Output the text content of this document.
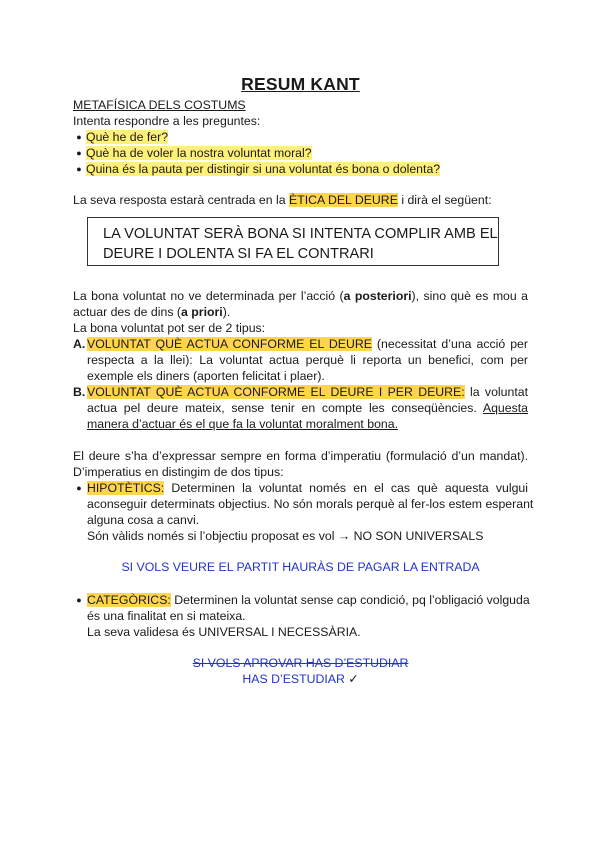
RESUM KANT
METAFÍSICA DELS COSTUMS
Intenta respondre a les preguntes:
● Què he de fer?
● Què ha de voler la nostra voluntat moral?
● Quina és la pauta per distingir si una voluntat és bona o dolenta?
La seva resposta estarà centrada en la ÈTICA DEL DEURE i dirà el següent:
LA VOLUNTAT SERÀ BONA SI INTENTA COMPLIR AMB EL
DEURE I DOLENTA SI FA EL CONTRARI
La bona voluntat no ve determinada per l’acció (a posteriori), sino què es mou a
actuar des de dins (a priori).
La bona voluntat pot ser de 2 tipus:
A. VOLUNTAT QUÈ ACTUA CONFORME EL DEURE (necessitat d’una acció per
respecta a la llei): La voluntat actua perquè li reporta un benefici, com per
exemple els diners (aporten felicitat i plaer).
B. VOLUNTAT QUÈ ACTUA CONFORME EL DEURE I PER DEURE: la voluntat
actua pel deure mateix, sense tenir en compte les conseqüències. Aquesta
manera d’actuar és el que fa la voluntat moralment bona.
El deure s’ha d’expressar sempre en forma d’imperatiu (formulació d’un mandat).
D’imperatius en distingim de dos tipus:
● HIPOTÈTICS: Determinen la voluntat només en el cas què aquesta vulgui
aconseguir determinats objectius. No són morals perquè al fer-los estem esperant
alguna cosa a canvi.
Són vàlids només si l’objectiu proposat es vol → NO SON UNIVERSALS
SI VOLS VEURE EL PARTIT HAURÀS DE PAGAR LA ENTRADA
● CATEGÒRICS: Determinen la voluntat sense cap condició, pq l’obligació volguda
és una finalitat en si mateixa.
La seva validesa és UNIVERSAL I NECESSÀRIA.
SI VOLS APROVAR HAS D’ESTUDIAR
HAS D’ESTUDIAR ✓
